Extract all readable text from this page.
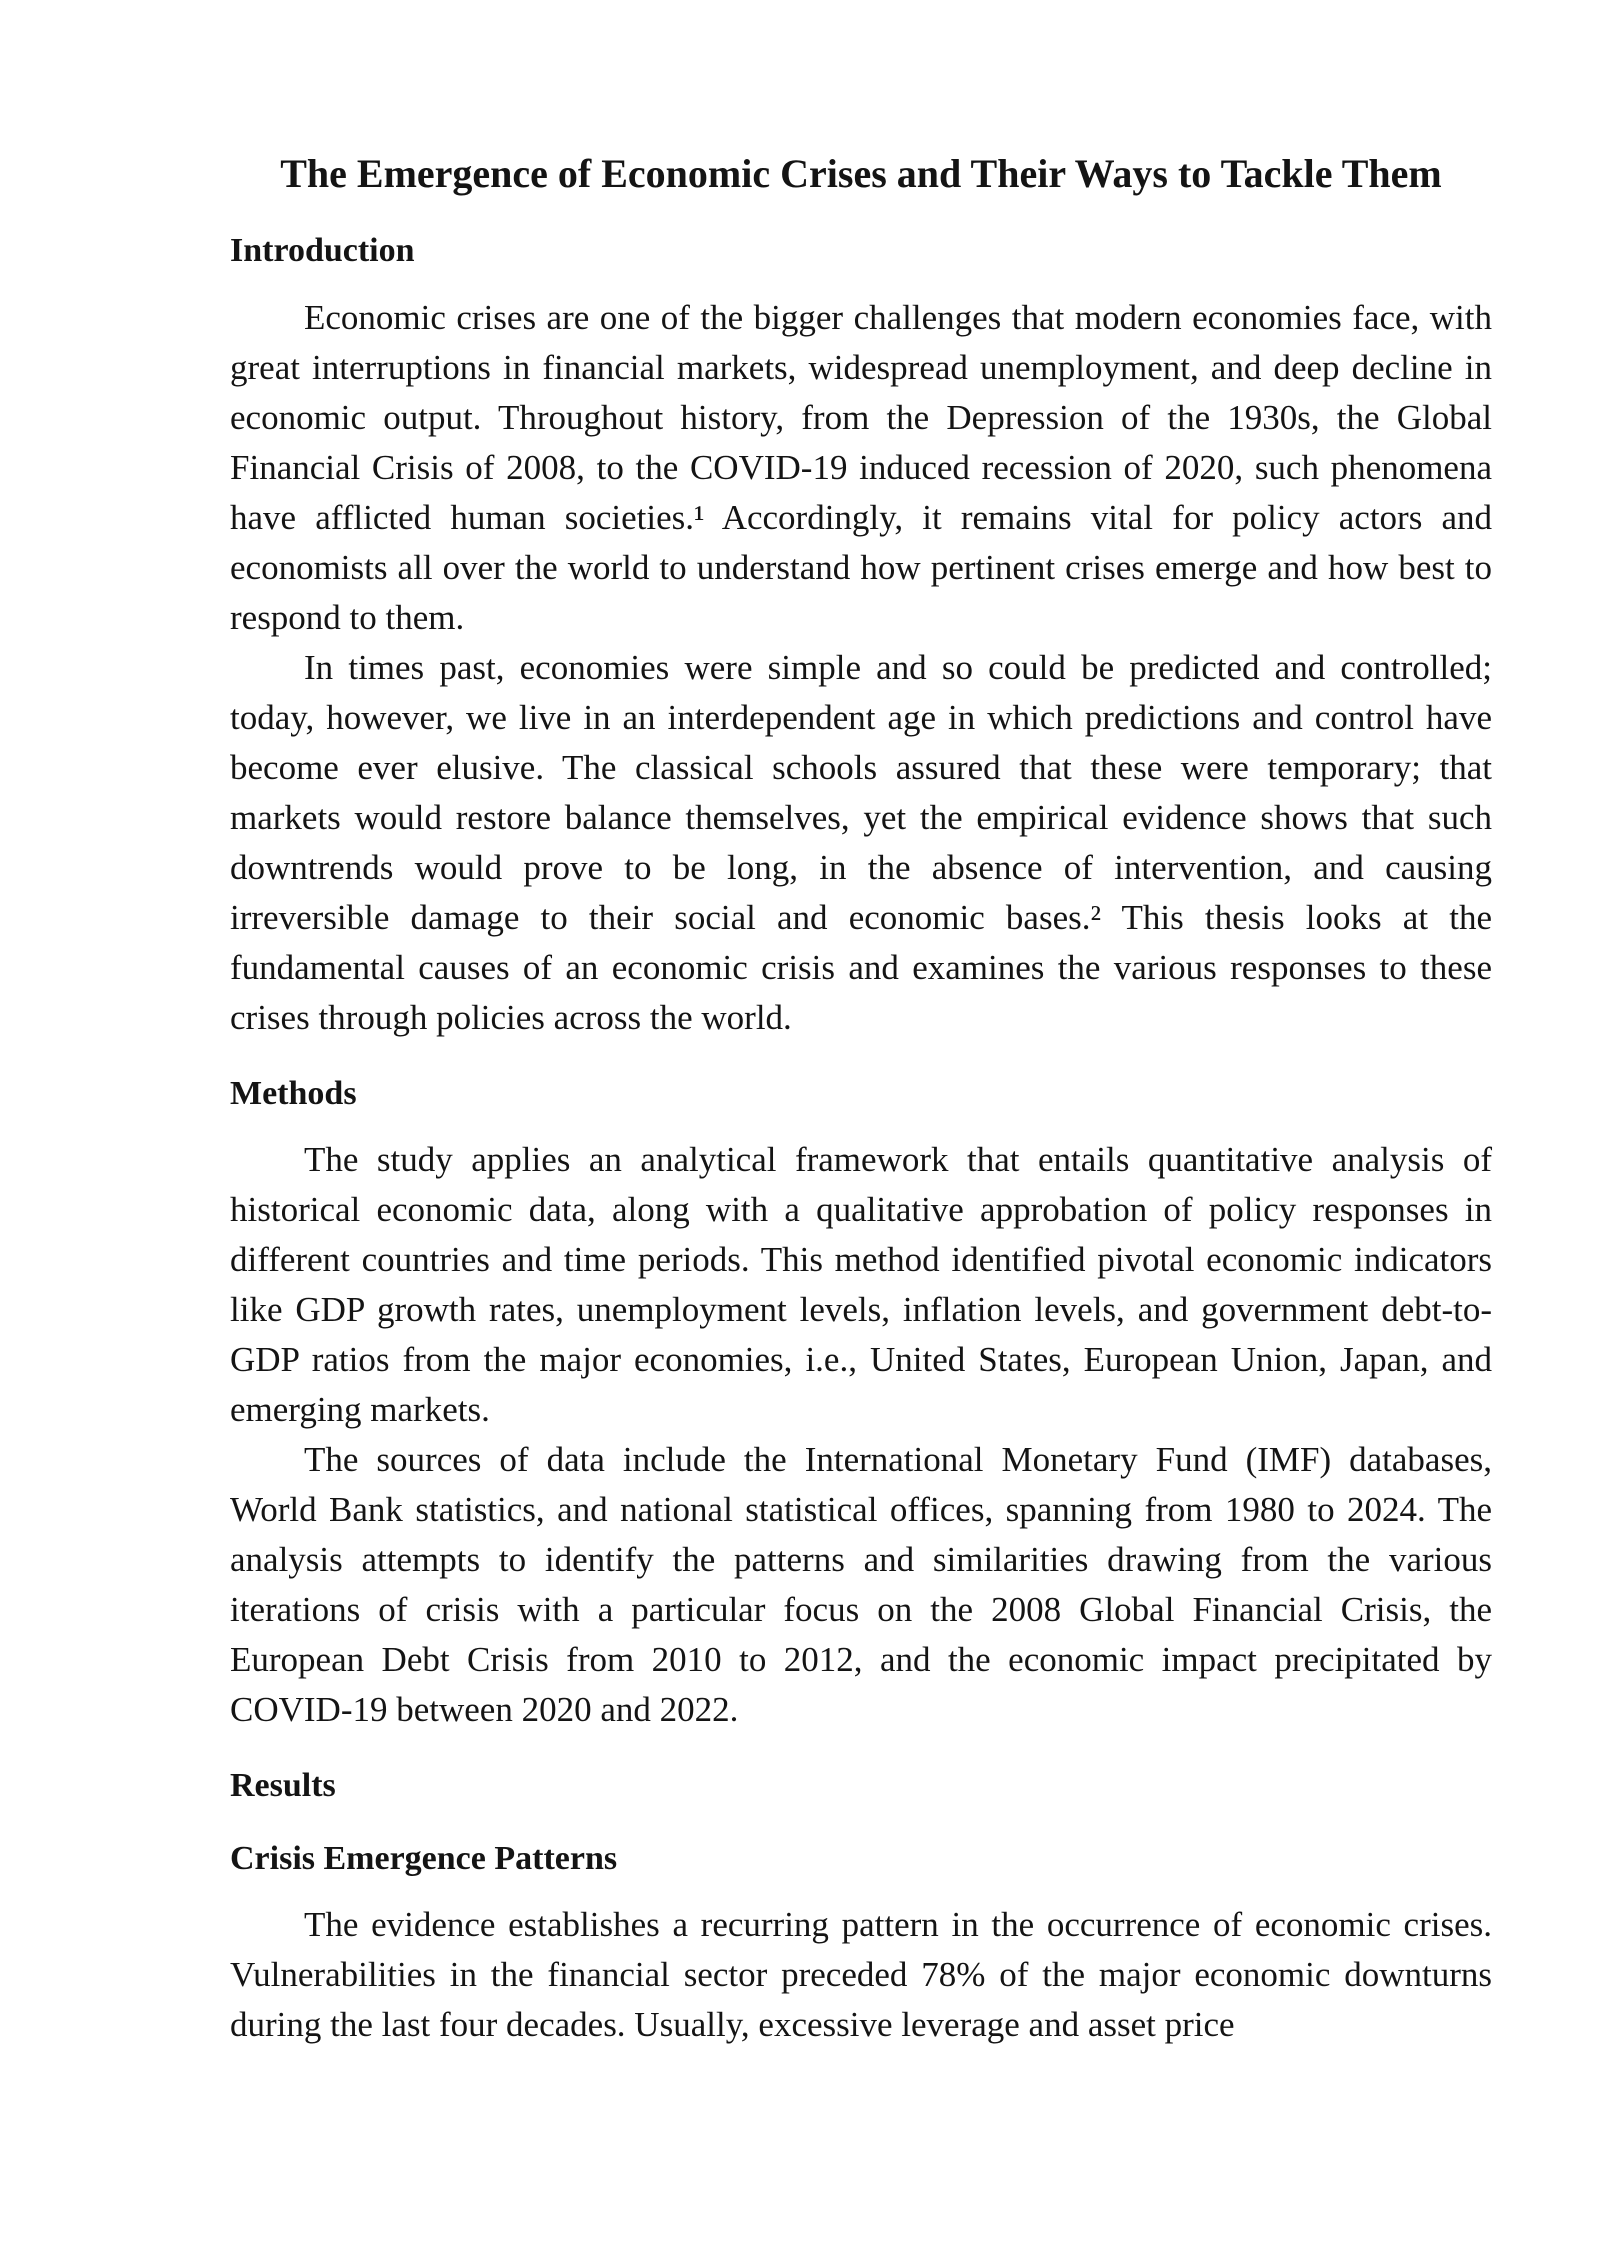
The Emergence of Economic Crises and Their Ways to Tackle Them
Introduction

Economic crises are one of the bigger challenges that modern economies face, with great interruptions in financial markets, widespread unemployment, and deep decline in economic output. Throughout history, from the Depression of the 1930s, the Global Financial Crisis of 2008, to the COVID-19 induced recession of 2020, such phenomena have afflicted human societies.¹ Accordingly, it remains vital for policy actors and economists all over the world to understand how pertinent crises emerge and how best to respond to them.

In times past, economies were simple and so could be predicted and controlled; today, however, we live in an interdependent age in which predictions and control have become ever elusive. The classical schools assured that these were temporary; that markets would restore balance themselves, yet the empirical evidence shows that such downtrends would prove to be long, in the absence of intervention, and causing irreversible damage to their social and economic bases.² This thesis looks at the fundamental causes of an economic crisis and examines the various responses to these crises through policies across the world.

Methods

The study applies an analytical framework that entails quantitative analysis of historical economic data, along with a qualitative approbation of policy responses in different countries and time periods. This method identified pivotal economic indicators like GDP growth rates, unemployment levels, inflation levels, and government debt-to-GDP ratios from the major economies, i.e., United States, European Union, Japan, and emerging markets.

The sources of data include the International Monetary Fund (IMF) databases, World Bank statistics, and national statistical offices, spanning from 1980 to 2024. The analysis attempts to identify the patterns and similarities drawing from the various iterations of crisis with a particular focus on the 2008 Global Financial Crisis, the European Debt Crisis from 2010 to 2012, and the economic impact precipitated by COVID-19 between 2020 and 2022.

Results
Crisis Emergence Patterns

The evidence establishes a recurring pattern in the occurrence of economic crises. Vulnerabilities in the financial sector preceded 78% of the major economic downturns during the last four decades. Usually, excessive leverage and asset price
